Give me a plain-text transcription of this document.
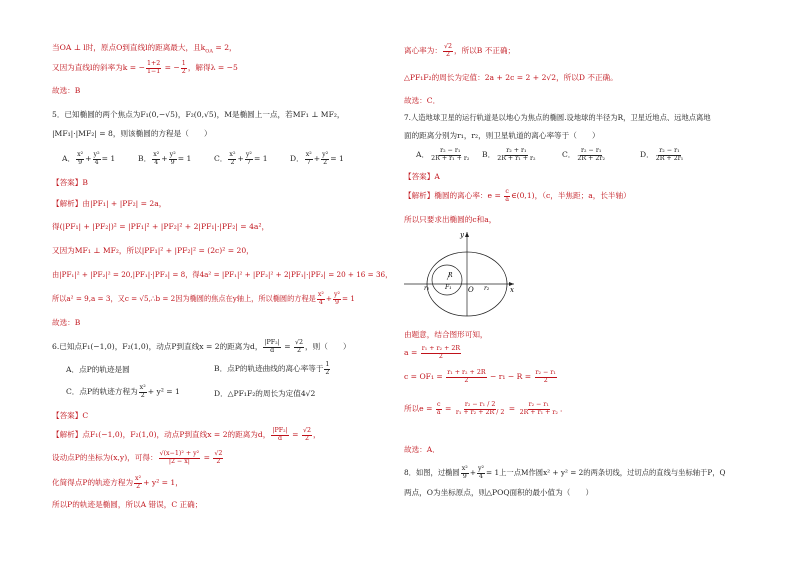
当OA ⊥ l时，原点O到直线l的距离最大，且$k_{OA} = 2$，
又因为直线l的斜率为k = − $\frac{1+2}{1-1}$ = − $\frac{1}{2}$ ，解得λ = −5
故选：B
5．已知椭圆的两个焦点为F₁(0,−√5)，F₂(0,√5)，M是椭圆上一点，若MF₁ ⊥ MF₂，
|MF₁|·|MF₂| = 8，则该椭圆的方程是（　　）
A． $\frac{\text{x²}}{9} + \frac{\text{y²}}{4} = 1$	B． $\frac{\text{x²}}{4} + \frac{\text{y²}}{9} = 1$	C． $\frac{\text{x²}}{2} + \frac{\text{y²}}{7} = 1$	D． $\frac{\text{x²}}{7} + \frac{\text{y²}}{2} = 1$
【答案】B
【解析】由|PF₁| + |PF₂| = 2a，
得(|PF₁| + |PF₂|)² = |PF₁|² + |PF₂|² + 2|PF₁|·|PF₂| = 4a²，
又因为MF₁ ⊥ MF₂，所以|PF₁|² + |PF₂|² = (2c)² = 20，
由|PF₁|² + |PF₂|² = 20,|PF₁|·|PF₂| = 8，得4a² = |PF₁|² + |PF₂|² + 2|PF₁|·|PF₂| = 20 + 16 = 36，
所以a² = 9,a = 3，又c = √5,∴b = 2因为椭圆的焦点在y轴上，所以椭圆的方程是 $\frac{\text{x²}}{4} + \frac{\text{y²}}{9} = 1$
故选：B
6.已知点F₁(−1,0)，F₂(1,0)，动点P到直线x = 2的距离为d， $\frac{\text{|PF₂|}}{d} = \frac{√2}{2}$ ，则（　　）
A．点P的轨迹是圆	B．点P的轨迹曲线的离心率等于 $\frac{1}{2}$
C．点P的轨迹方程为 $\frac{\text{x²}}{2} + y^2 = 1$	D．△PF₁F₂的周长为定值4√2
【答案】C
【解析】点F₁(−1,0)，F₂(1,0)，动点P到直线x = 2的距离为d， $\frac{\text{|PF₂|}}{d} = \frac{√2}{2}$ ，
设动点P的坐标为(x,y)，可得： $\frac{\text{√(x−1)² + y²}}{|2 - x|} = \frac{√2}{2}$
化简得点P的轨迹方程为 $\frac{\text{x²}}{2} + y^2 = 1$，
所以P的轨迹是椭圆，所以A 错误，C 正确；
离心率为： $\frac{√2}{2}$ ，所以B 不正确；
△PF₁F₂的周长为定值：2a + 2c = 2 + 2√2，所以D 不正确。
故选：C．
7.人造地球卫星的运行轨道是以地心为焦点的椭圆.设地球的半径为R，卫星近地点、远地点离地
面的距离分别为r₁，r₂，则卫星轨道的离心率等于（　　）
A． $\frac{\text{r₂ − r₁}}{\text{2R + r₁ + r₂}}$ B． $\frac{\text{r₂ + r₁}}{\text{2R + r₁ + r₂}}$	C． $\frac{\text{r₂ − r₁}}{\text{2R + 2r₂}}$	D． $\frac{\text{r₂ − r₁}}{\text{2R + 2r₁}}$
【答案】A
【解析】椭圆的离心率：$e = \frac{c}{a}$ ∈(0,1)，（c，半焦距；a，长半轴）
所以只要求出椭圆的c和a，
y
x
R
F₁ O
r₁	r₂
由题意，结合图形可知，
$a = \frac{\text{r₁ + r₂ + 2R}}{2}$
$c = OF_1 = \frac{\text{r₁ + r₂ + 2R}}{2} - r_1 - R = \frac{\text{r₂ − r₁}}{2}$
所以$e = \frac{c}{a} = \frac{\text{r₂ − r₁ / 2}}{\text{r₁ + r₂ + 2R / 2}} = \frac{\text{r₂ − r₁}}{\text{2R + r₁ + r₂}}$ ．
故选：A．
8．如图，过椭圆 $\frac{\text{x²}}{9} + \frac{\text{y²}}{4} = 1$上一点M作圆x² + y² = 2的两条切线，过切点的直线与坐标轴于P，Q
两点，O为坐标原点，则△POQ面积的最小值为（　　）
